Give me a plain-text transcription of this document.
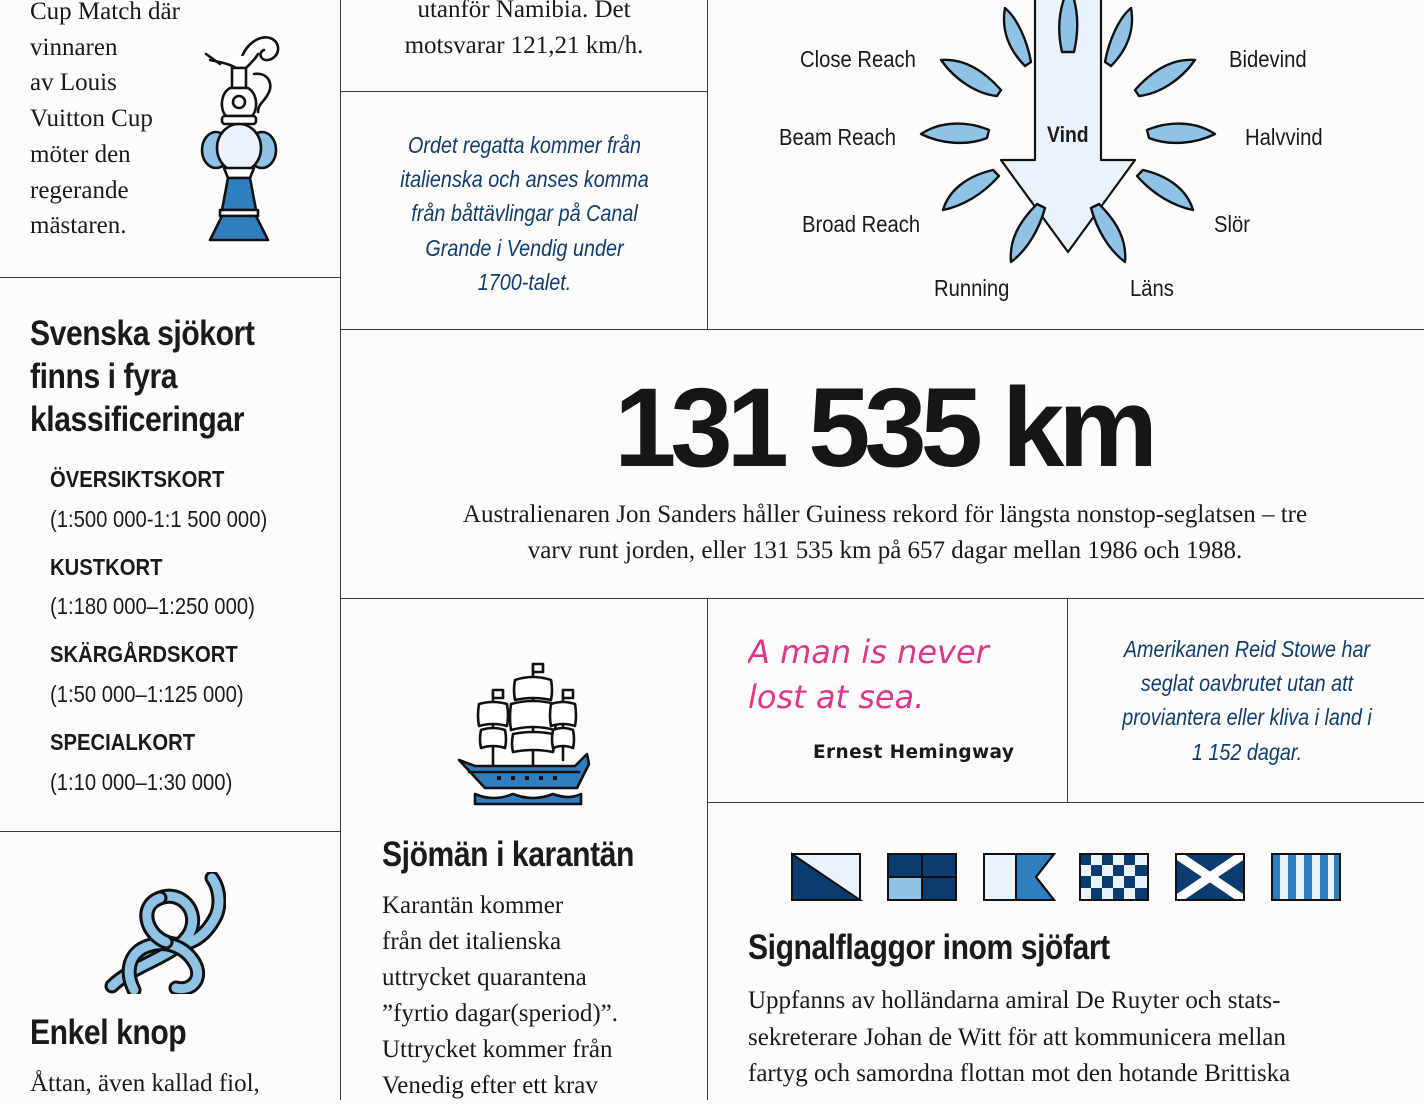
Cup Match där
vinnaren
av Louis
Vuitton Cup
möter den
regerande
mästaren.
utanför Namibia. Det
motsvarar 121,21 km/h.
Ordet regatta kommer från
italienska och anses komma
från båttävlingar på Canal
Grande i Vendig under
1700-talet.
Vind
Close Reach
Beam Reach
Broad Reach
Running
Bidevind
Halvvind
Slör
Läns
Svenska sjökort
finns i fyra
klassificeringar
ÖVERSIKTSKORT
(1:500 000-1:1 500 000)
KUSTKORT
(1:180 000–1:250 000)
SKÄRGÅRDSKORT
(1:50 000–1:125 000)
SPECIALKORT
(1:10 000–1:30 000)
131 535 km
Australienaren Jon Sanders håller Guiness rekord för längsta nonstop-seglatsen – tre
varv runt jorden, eller 131 535 km på 657 dagar mellan 1986 och 1988.
Enkel knop
Åttan, även kallad fiol,
Sjömän i karantän
Karantän kommer
från det italienska
uttrycket quarantena
”fyrtio dagar(speriod)”.
Uttrycket kommer från
Venedig efter ett krav
A man is never
lost at sea.
Ernest Hemingway
Amerikanen Reid Stowe har
seglat oavbrutet utan att
proviantera eller kliva i land i
1 152 dagar.
Signalflaggor inom sjöfart
Uppfanns av holländarna amiral De Ruyter och stats-
sekreterare Johan de Witt för att kommunicera mellan
fartyg och samordna flottan mot den hotande Brittiska
